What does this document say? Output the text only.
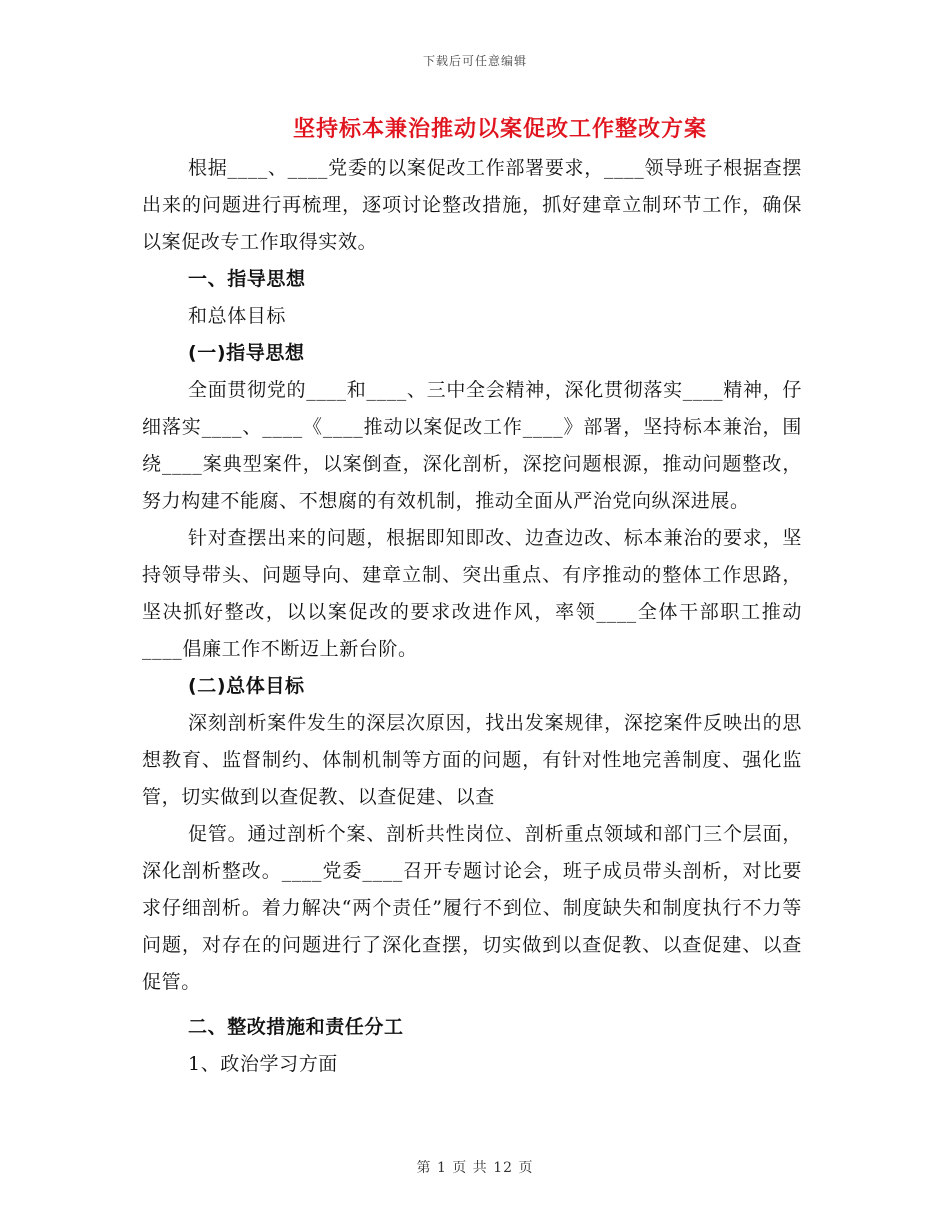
下载后可任意编辑
坚持标本兼治推动以案促改工作整改方案

根据____、____党委的以案促改工作部署要求，____领导班子根据查摆出来的问题进行再梳理，逐项讨论整改措施，抓好建章立制环节工作，确保以案促改专工作取得实效。

一、指导思想

和总体目标

(一)指导思想

全面贯彻党的____和____、三中全会精神，深化贯彻落实____精神，仔细落实____、____《____推动以案促改工作____》部署，坚持标本兼治，围绕____案典型案件，以案倒查，深化剖析，深挖问题根源，推动问题整改，努力构建不能腐、不想腐的有效机制，推动全面从严治党向纵深进展。

针对查摆出来的问题，根据即知即改、边查边改、标本兼治的要求，坚持领导带头、问题导向、建章立制、突出重点、有序推动的整体工作思路，坚决抓好整改，以以案促改的要求改进作风，率领____全体干部职工推动____倡廉工作不断迈上新台阶。

(二)总体目标

深刻剖析案件发生的深层次原因，找出发案规律，深挖案件反映出的思想教育、监督制约、体制机制等方面的问题，有针对性地完善制度、强化监管，切实做到以查促教、以查促建、以查

促管。通过剖析个案、剖析共性岗位、剖析重点领域和部门三个层面，深化剖析整改。____党委____召开专题讨论会，班子成员带头剖析，对比要求仔细剖析。着力解决“两个责任”履行不到位、制度缺失和制度执行不力等问题，对存在的问题进行了深化查摆，切实做到以查促教、以查促建、以查促管。

二、整改措施和责任分工

1、政治学习方面

第 1 页 共 12 页
